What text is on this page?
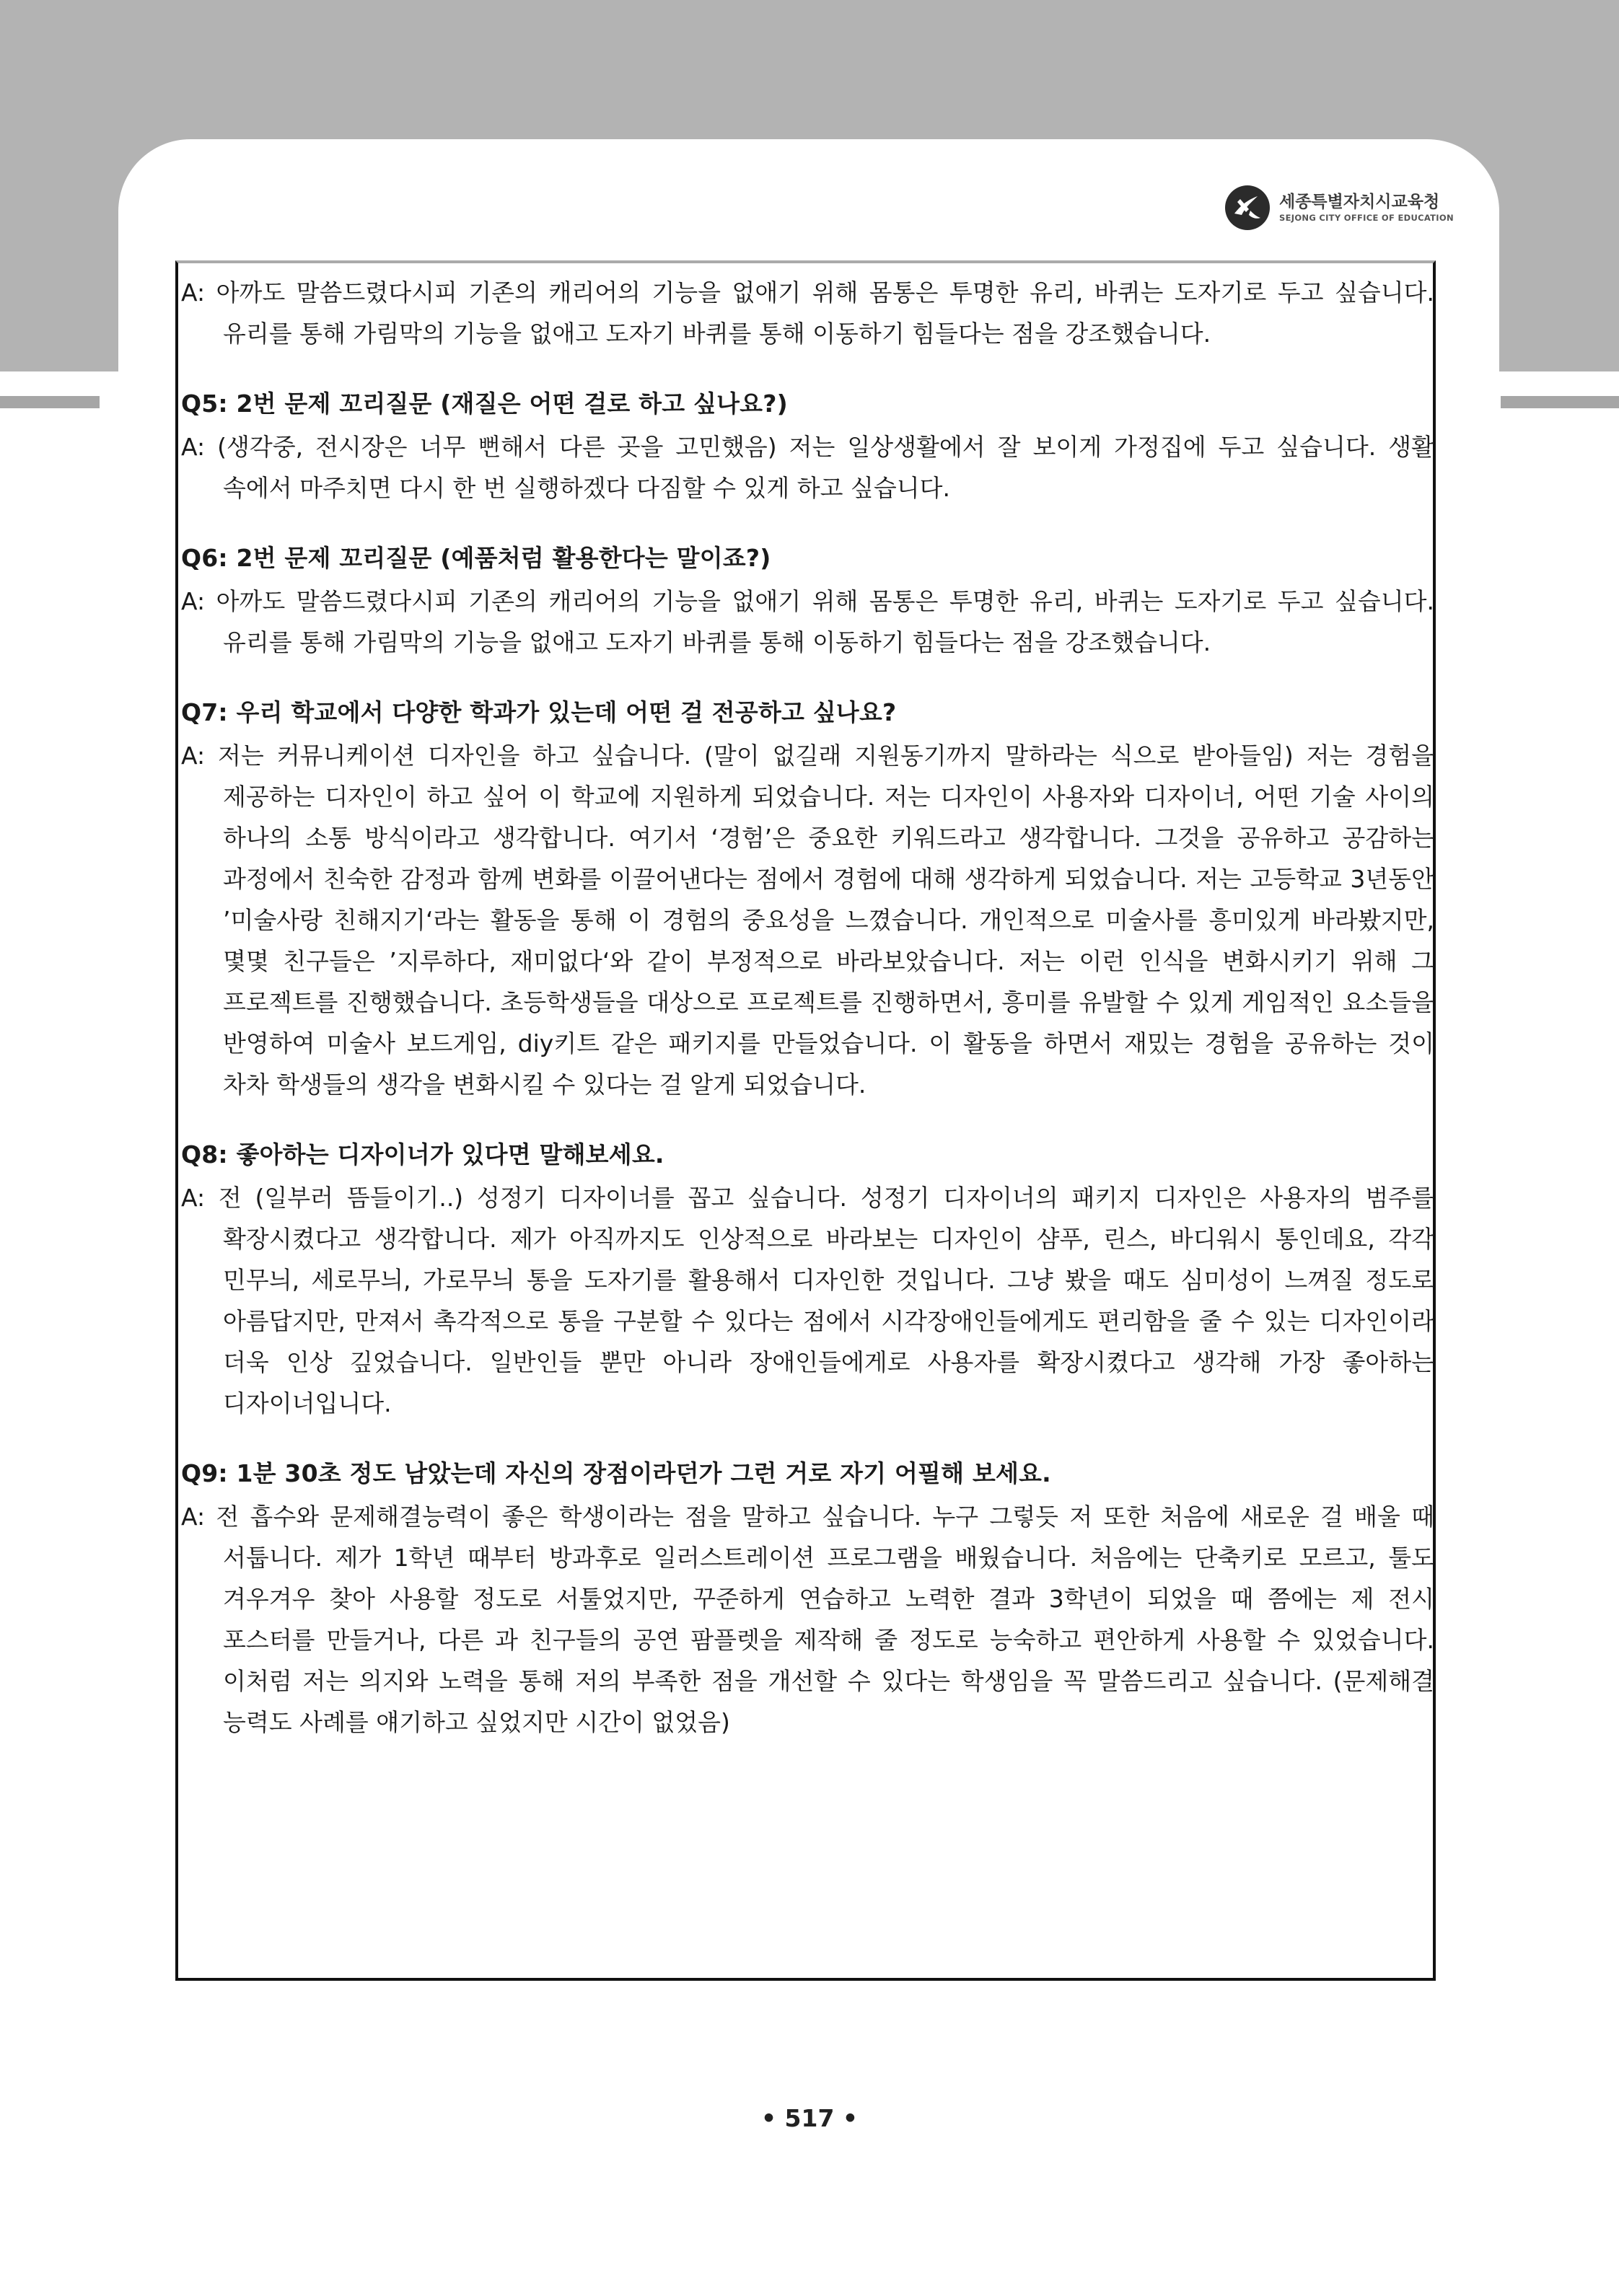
세종특별자치시교육청
SEJONG CITY OFFICE OF EDUCATION
A: 아까도 말씀드렸다시피 기존의 캐리어의 기능을 없애기 위해 몸통은 투명한 유리, 바퀴는 도자기로 두고 싶습니다. 유리를 통해 가림막의 기능을 없애고 도자기 바퀴를 통해 이동하기 힘들다는 점을 강조했습니다.
Q5: 2번 문제 꼬리질문 (재질은 어떤 걸로 하고 싶나요?)
A: (생각중, 전시장은 너무 뻔해서 다른 곳을 고민했음) 저는 일상생활에서 잘 보이게 가정집에 두고 싶습니다. 생활 속에서 마주치면 다시 한 번 실행하겠다 다짐할 수 있게 하고 싶습니다.
Q6: 2번 문제 꼬리질문 (예품처럼 활용한다는 말이죠?)
A: 아까도 말씀드렸다시피 기존의 캐리어의 기능을 없애기 위해 몸통은 투명한 유리, 바퀴는 도자기로 두고 싶습니다. 유리를 통해 가림막의 기능을 없애고 도자기 바퀴를 통해 이동하기 힘들다는 점을 강조했습니다.
Q7: 우리 학교에서 다양한 학과가 있는데 어떤 걸 전공하고 싶나요?
A: 저는 커뮤니케이션 디자인을 하고 싶습니다. (말이 없길래 지원동기까지 말하라는 식으로 받아들임) 저는 경험을 제공하는 디자인이 하고 싶어 이 학교에 지원하게 되었습니다. 저는 디자인이 사용자와 디자이너, 어떤 기술 사이의 하나의 소통 방식이라고 생각합니다. 여기서 ‘경험’은 중요한 키워드라고 생각합니다. 그것을 공유하고 공감하는 과정에서 친숙한 감정과 함께 변화를 이끌어낸다는 점에서 경험에 대해 생각하게 되었습니다. 저는 고등학교 3년동안 ’미술사랑 친해지기‘라는 활동을 통해 이 경험의 중요성을 느꼈습니다. 개인적으로 미술사를 흥미있게 바라봤지만, 몇몇 친구들은 ’지루하다, 재미없다‘와 같이 부정적으로 바라보았습니다. 저는 이런 인식을 변화시키기 위해 그 프로젝트를 진행했습니다. 초등학생들을 대상으로 프로젝트를 진행하면서, 흥미를 유발할 수 있게 게임적인 요소들을 반영하여 미술사 보드게임, diy키트 같은 패키지를 만들었습니다. 이 활동을 하면서 재밌는 경험을 공유하는 것이 차차 학생들의 생각을 변화시킬 수 있다는 걸 알게 되었습니다.
Q8: 좋아하는 디자이너가 있다면 말해보세요.
A: 전 (일부러 뜸들이기..) 성정기 디자이너를 꼽고 싶습니다. 성정기 디자이너의 패키지 디자인은 사용자의 범주를 확장시켰다고 생각합니다. 제가 아직까지도 인상적으로 바라보는 디자인이 샴푸, 린스, 바디워시 통인데요, 각각 민무늬, 세로무늬, 가로무늬 통을 도자기를 활용해서 디자인한 것입니다. 그냥 봤을 때도 심미성이 느껴질 정도로 아름답지만, 만져서 촉각적으로 통을 구분할 수 있다는 점에서 시각장애인들에게도 편리함을 줄 수 있는 디자인이라 더욱 인상 깊었습니다. 일반인들 뿐만 아니라 장애인들에게로 사용자를 확장시켰다고 생각해 가장 좋아하는 디자이너입니다.
Q9: 1분 30초 정도 남았는데 자신의 장점이라던가 그런 거로 자기 어필해 보세요.
A: 전 흡수와 문제해결능력이 좋은 학생이라는 점을 말하고 싶습니다. 누구 그렇듯 저 또한 처음에 새로운 걸 배울 때 서툽니다. 제가 1학년 때부터 방과후로 일러스트레이션 프로그램을 배웠습니다. 처음에는 단축키로 모르고, 툴도 겨우겨우 찾아 사용할 정도로 서툴었지만, 꾸준하게 연습하고 노력한 결과 3학년이 되었을 때 쯤에는 제 전시 포스터를 만들거나, 다른 과 친구들의 공연 팜플렛을 제작해 줄 정도로 능숙하고 편안하게 사용할 수 있었습니다. 이처럼 저는 의지와 노력을 통해 저의 부족한 점을 개선할 수 있다는 학생임을 꼭 말씀드리고 싶습니다. (문제해결 능력도 사례를 얘기하고 싶었지만 시간이 없었음)
• 517 •
